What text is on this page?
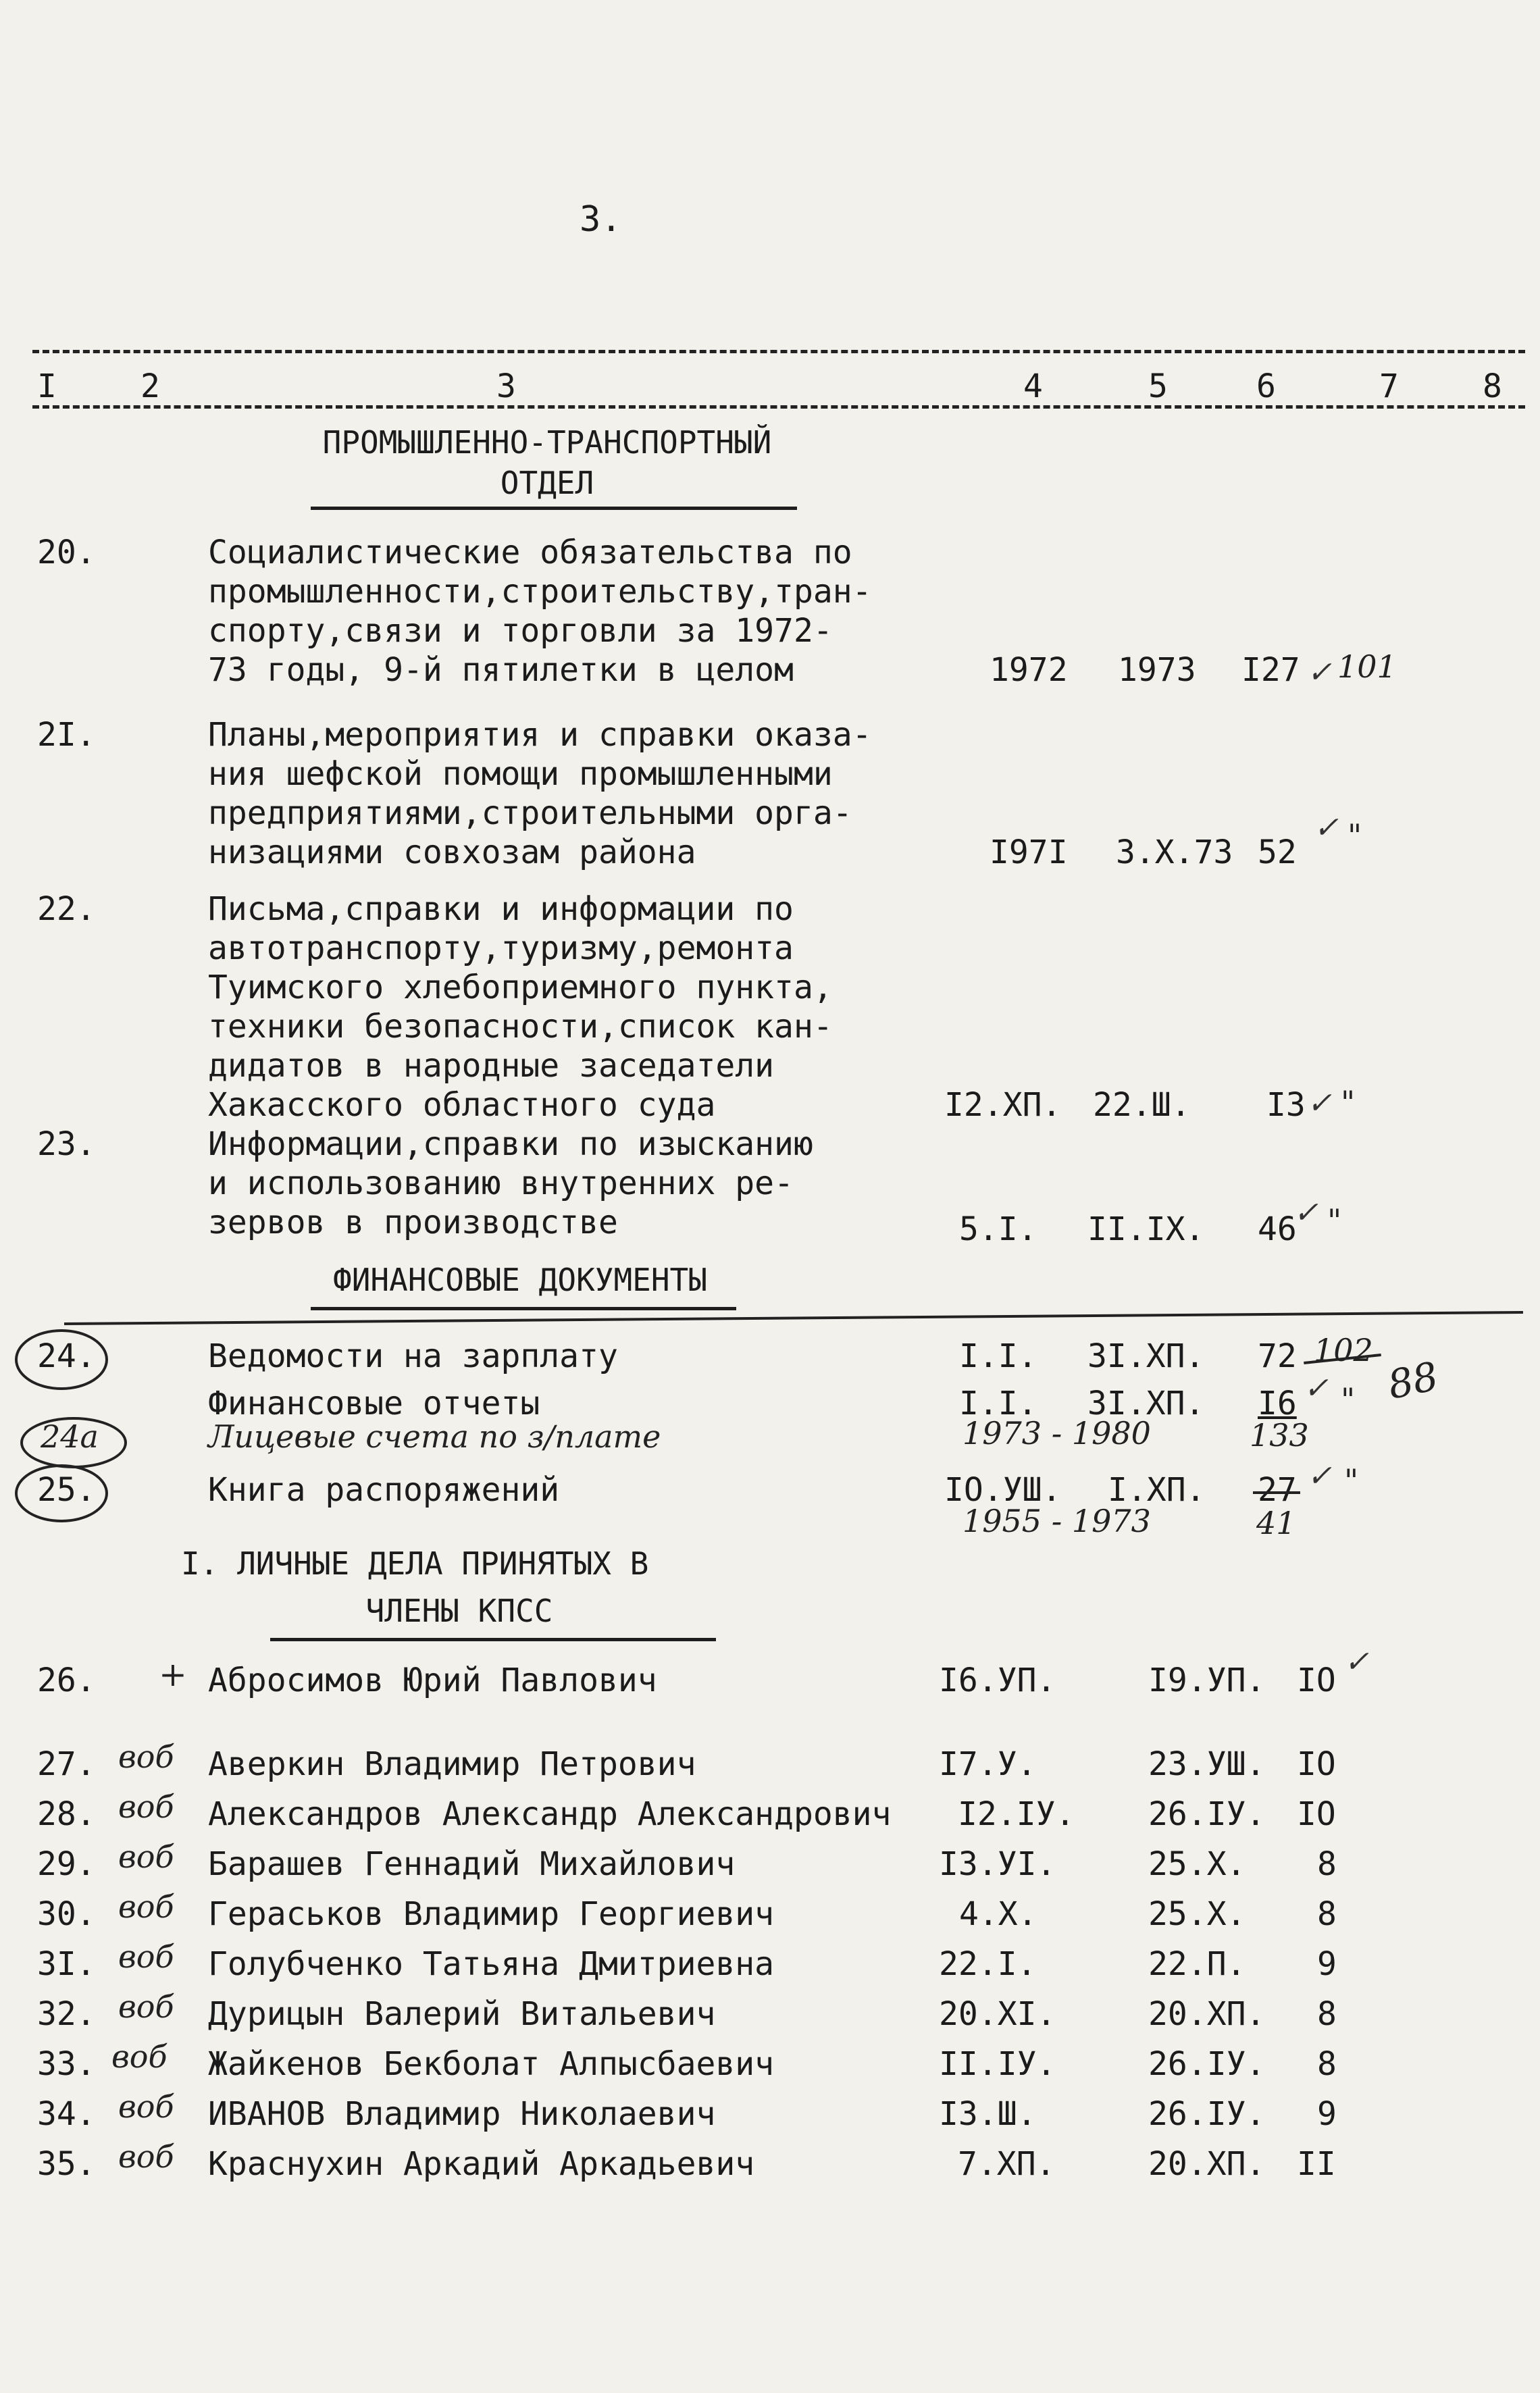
3.
I	2	3	4	5	6	7	8
ПРОМЫШЛЕННО-ТРАНСПОРТНЫЙ
ОТДЕЛ
20.	Социалистические обязательства по
промышленности,строительству,тран-
спорту,связи и торговли за 1972-
73 годы, 9-й пятилетки в целом	1972 1973 I27 ✓ 101
2I.	Планы,мероприятия и справки оказа-
ния шефской помощи промышленными
предприятиями,строительными орга-
низациями совхозам района	I97I 3.X.73 52
✓ "
22.	Письма,справки и информации по
автотранспорту,туризму,ремонта
Туимского хлебоприемного пункта,
техники безопасности,список кан-
дидатов в народные заседатели
Хакасского областного суда	I2.XП. 22.Ш. I3 ✓ "
23.	Информации,справки по изысканию
и использованию внутренних ре-
зервов в производстве	5.I. II.IX. 46
✓ "
ФИНАНСОВЫЕ ДОКУМЕНТЫ
24.	Ведомости на зарплату	I.I. 3I.XП. 72 102
88
Финансовые отчеты	I.I. 3I.XП. I6 ✓ "
24а	Лицевые счета по з/плате	1973 - 1980	133
25.	Книга распоряжений	IO.УШ. I.XП. 27 ✓ "
1955 - 1973	41
I. ЛИЧНЫЕ ДЕЛА ПРИНЯТЫХ В
ЧЛЕНЫ КПСС
26. + Абросимов Юрий Павлович	I6.УП.	I9.УП. IO ✓
27. воб Аверкин Владимир Петрович	I7.У.	23.УШ. IO
28. воб Александров Александр Александрович I2.IУ. 26.IУ. IO
29. воб Барашев Геннадий Михайлович	I3.УI.	25.X. 8
30. воб Гераськов Владимир Георгиевич	4.X.	25.X. 8
3I. воб Голубченко Татьяна Дмитриевна	22.I.	22.П. 9
32. воб Дурицын Валерий Витальевич	20.XI.	20.XП. 8
33. воб Жайкенов Бекболат Алпысбаевич	II.IУ.	26.IУ. 8
34. воб ИВАНОВ Владимир Николаевич	I3.Ш.	26.IУ. 9
35. воб Краснухин Аркадий Аркадьевич	7.XП.	20.XП. II
